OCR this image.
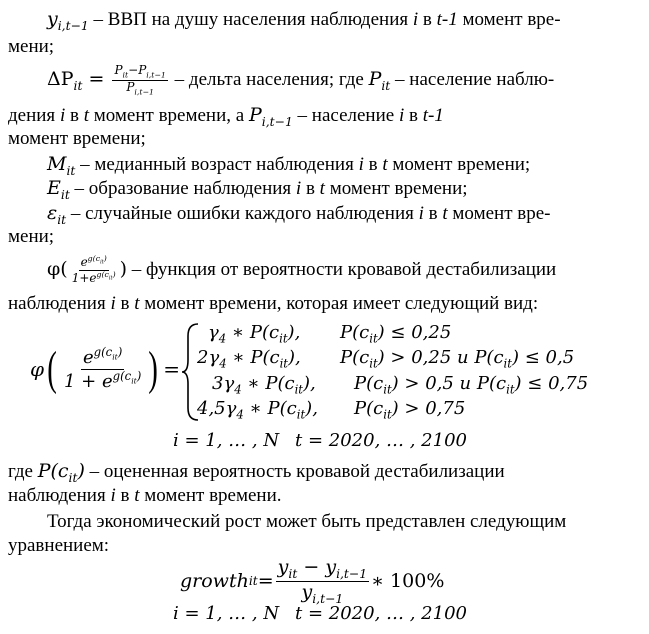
$y_{i,t-1}$ – ВВП на душу населения наблюдения i в t-1 момент вре-
мени;
$\Delta P_{it} = \frac{P_{it}-P_{i,t-1}}{P_{i,t-1}}$ – дельта населения; где $P_{it}$ – население наблю-
дения i в t момент времени, а $P_{i,t-1}$ – население i в t-1
момент времени;
$M_{it}$ – медианный возраст наблюдения i в t момент времени;
$E_{it}$ – образование наблюдения i в t момент времени;
$\varepsilon_{it}$ – случайные ошибки каждого наблюдения i в t момент вре-
мени;
$\varphi( \frac{e^{g(c_{it})}}{1+e^{g(c_{it})}}$ ) – функция от вероятности кровавой дестабилизации
наблюдения i в t момент времени, которая имеет следующий вид:
φ ( $\frac{e^{g(c_{it})}}{1 + e^{g(c_{it})}}$ ) =
$\gamma_4$ ∗ $P(c_{it})$, $P(c_{it}) \le 0,25$
$2\gamma_4$ ∗ $P(c_{it})$, $P(c_{it}) > 0,25$ и $P(c_{it}) \le 0,5$
$3\gamma_4$ ∗ $P(c_{it})$, $P(c_{it}) > 0,5$ и $P(c_{it}) \le 0,75$
$4,5\gamma_4$ ∗ $P(c_{it})$, $P(c_{it}) > 0,75$
i = 1, … , N t = 2020, … , 2100
где $P(c_{it})$ – оцененная вероятность кровавой дестабилизации
наблюдения i в t момент времени.
Тогда экономический рост может быть представлен следующим
уравнением:
growth it = $\frac{y_{it} - y_{i,t-1}}{y_{i,t-1}}$ ∗ 100%
i = 1, … , N t = 2020, … , 2100
